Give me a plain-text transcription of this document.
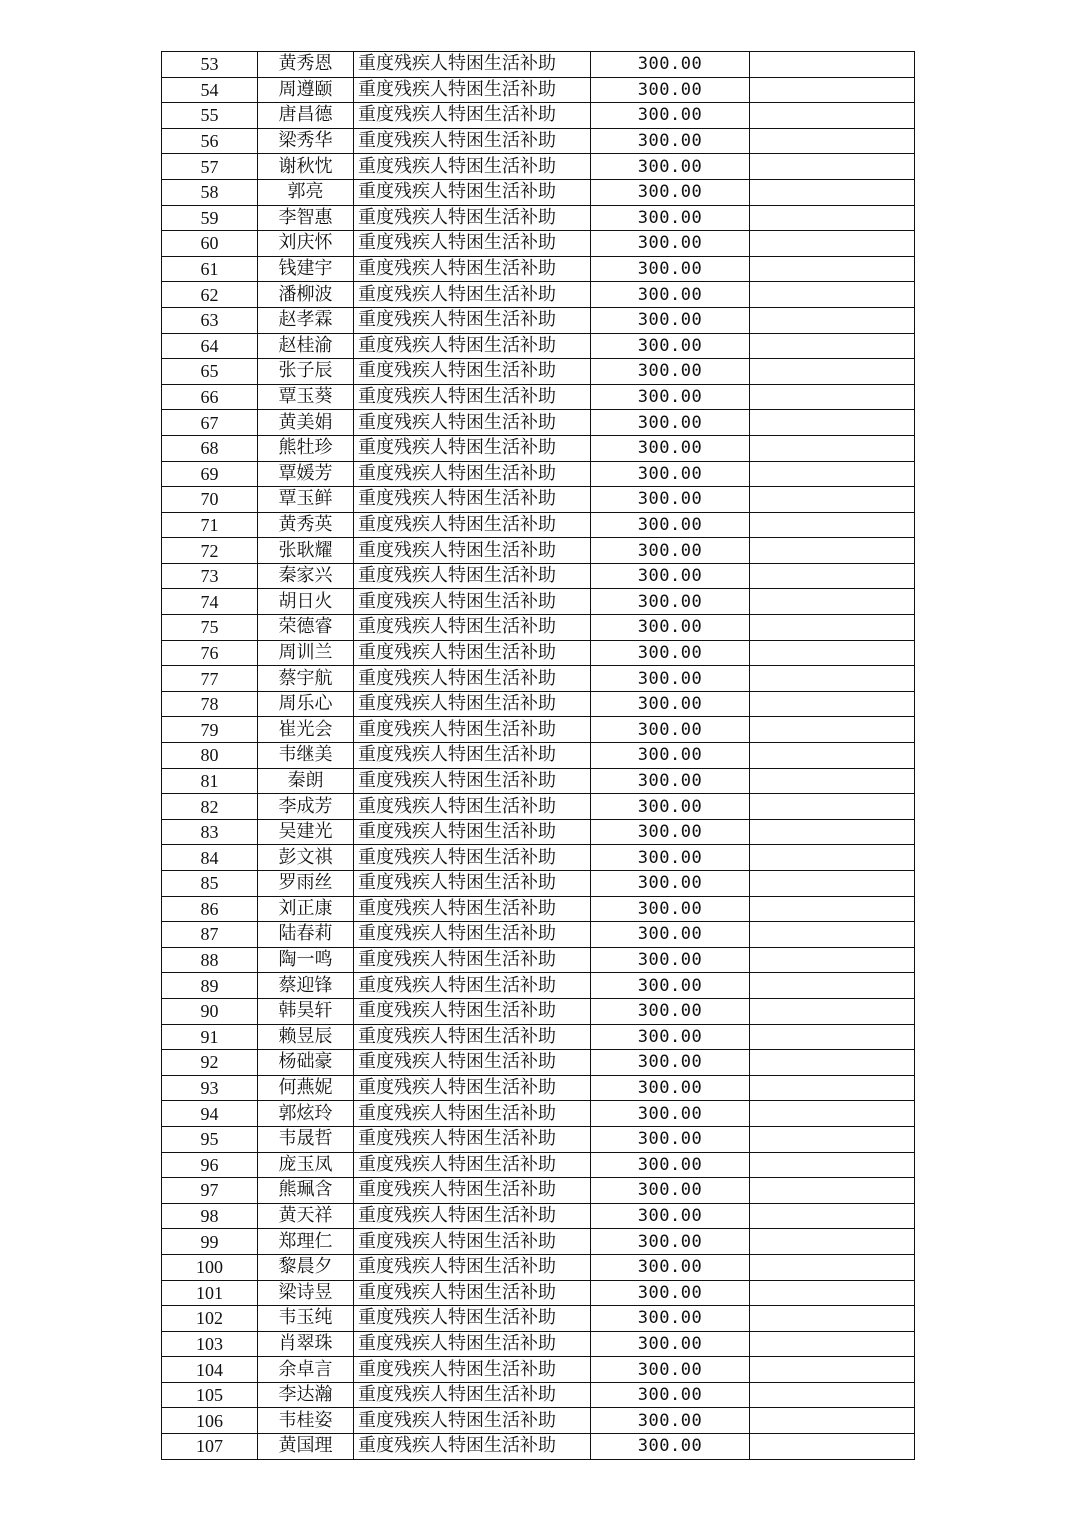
53	黄秀恩	重度残疾人特困生活补助	300.00	
54	周遵颐	重度残疾人特困生活补助	300.00	
55	唐昌德	重度残疾人特困生活补助	300.00	
56	梁秀华	重度残疾人特困生活补助	300.00	
57	谢秋忱	重度残疾人特困生活补助	300.00	
58	郭亮	重度残疾人特困生活补助	300.00	
59	李智惠	重度残疾人特困生活补助	300.00	
60	刘庆怀	重度残疾人特困生活补助	300.00	
61	钱建宇	重度残疾人特困生活补助	300.00	
62	潘柳波	重度残疾人特困生活补助	300.00	
63	赵孝霖	重度残疾人特困生活补助	300.00	
64	赵桂渝	重度残疾人特困生活补助	300.00	
65	张子辰	重度残疾人特困生活补助	300.00	
66	覃玉葵	重度残疾人特困生活补助	300.00	
67	黄美娟	重度残疾人特困生活补助	300.00	
68	熊牡珍	重度残疾人特困生活补助	300.00	
69	覃媛芳	重度残疾人特困生活补助	300.00	
70	覃玉鲜	重度残疾人特困生活补助	300.00	
71	黄秀英	重度残疾人特困生活补助	300.00	
72	张耿耀	重度残疾人特困生活补助	300.00	
73	秦家兴	重度残疾人特困生活补助	300.00	
74	胡日火	重度残疾人特困生活补助	300.00	
75	荣德睿	重度残疾人特困生活补助	300.00	
76	周训兰	重度残疾人特困生活补助	300.00	
77	蔡宇航	重度残疾人特困生活补助	300.00	
78	周乐心	重度残疾人特困生活补助	300.00	
79	崔光会	重度残疾人特困生活补助	300.00	
80	韦继美	重度残疾人特困生活补助	300.00	
81	秦朗	重度残疾人特困生活补助	300.00	
82	李成芳	重度残疾人特困生活补助	300.00	
83	吴建光	重度残疾人特困生活补助	300.00	
84	彭文祺	重度残疾人特困生活补助	300.00	
85	罗雨丝	重度残疾人特困生活补助	300.00	
86	刘正康	重度残疾人特困生活补助	300.00	
87	陆春莉	重度残疾人特困生活补助	300.00	
88	陶一鸣	重度残疾人特困生活补助	300.00	
89	蔡迎锋	重度残疾人特困生活补助	300.00	
90	韩昊轩	重度残疾人特困生活补助	300.00	
91	赖昱辰	重度残疾人特困生活补助	300.00	
92	杨础豪	重度残疾人特困生活补助	300.00	
93	何燕妮	重度残疾人特困生活补助	300.00	
94	郭炫玲	重度残疾人特困生活补助	300.00	
95	韦晟哲	重度残疾人特困生活补助	300.00	
96	庞玉凤	重度残疾人特困生活补助	300.00	
97	熊珮含	重度残疾人特困生活补助	300.00	
98	黄天祥	重度残疾人特困生活补助	300.00	
99	郑理仁	重度残疾人特困生活补助	300.00	
100	黎晨夕	重度残疾人特困生活补助	300.00	
101	梁诗昱	重度残疾人特困生活补助	300.00	
102	韦玉纯	重度残疾人特困生活补助	300.00	
103	肖翠珠	重度残疾人特困生活补助	300.00	
104	余卓言	重度残疾人特困生活补助	300.00	
105	李达瀚	重度残疾人特困生活补助	300.00	
106	韦桂姿	重度残疾人特困生活补助	300.00	
107	黄国理	重度残疾人特困生活补助	300.00	
